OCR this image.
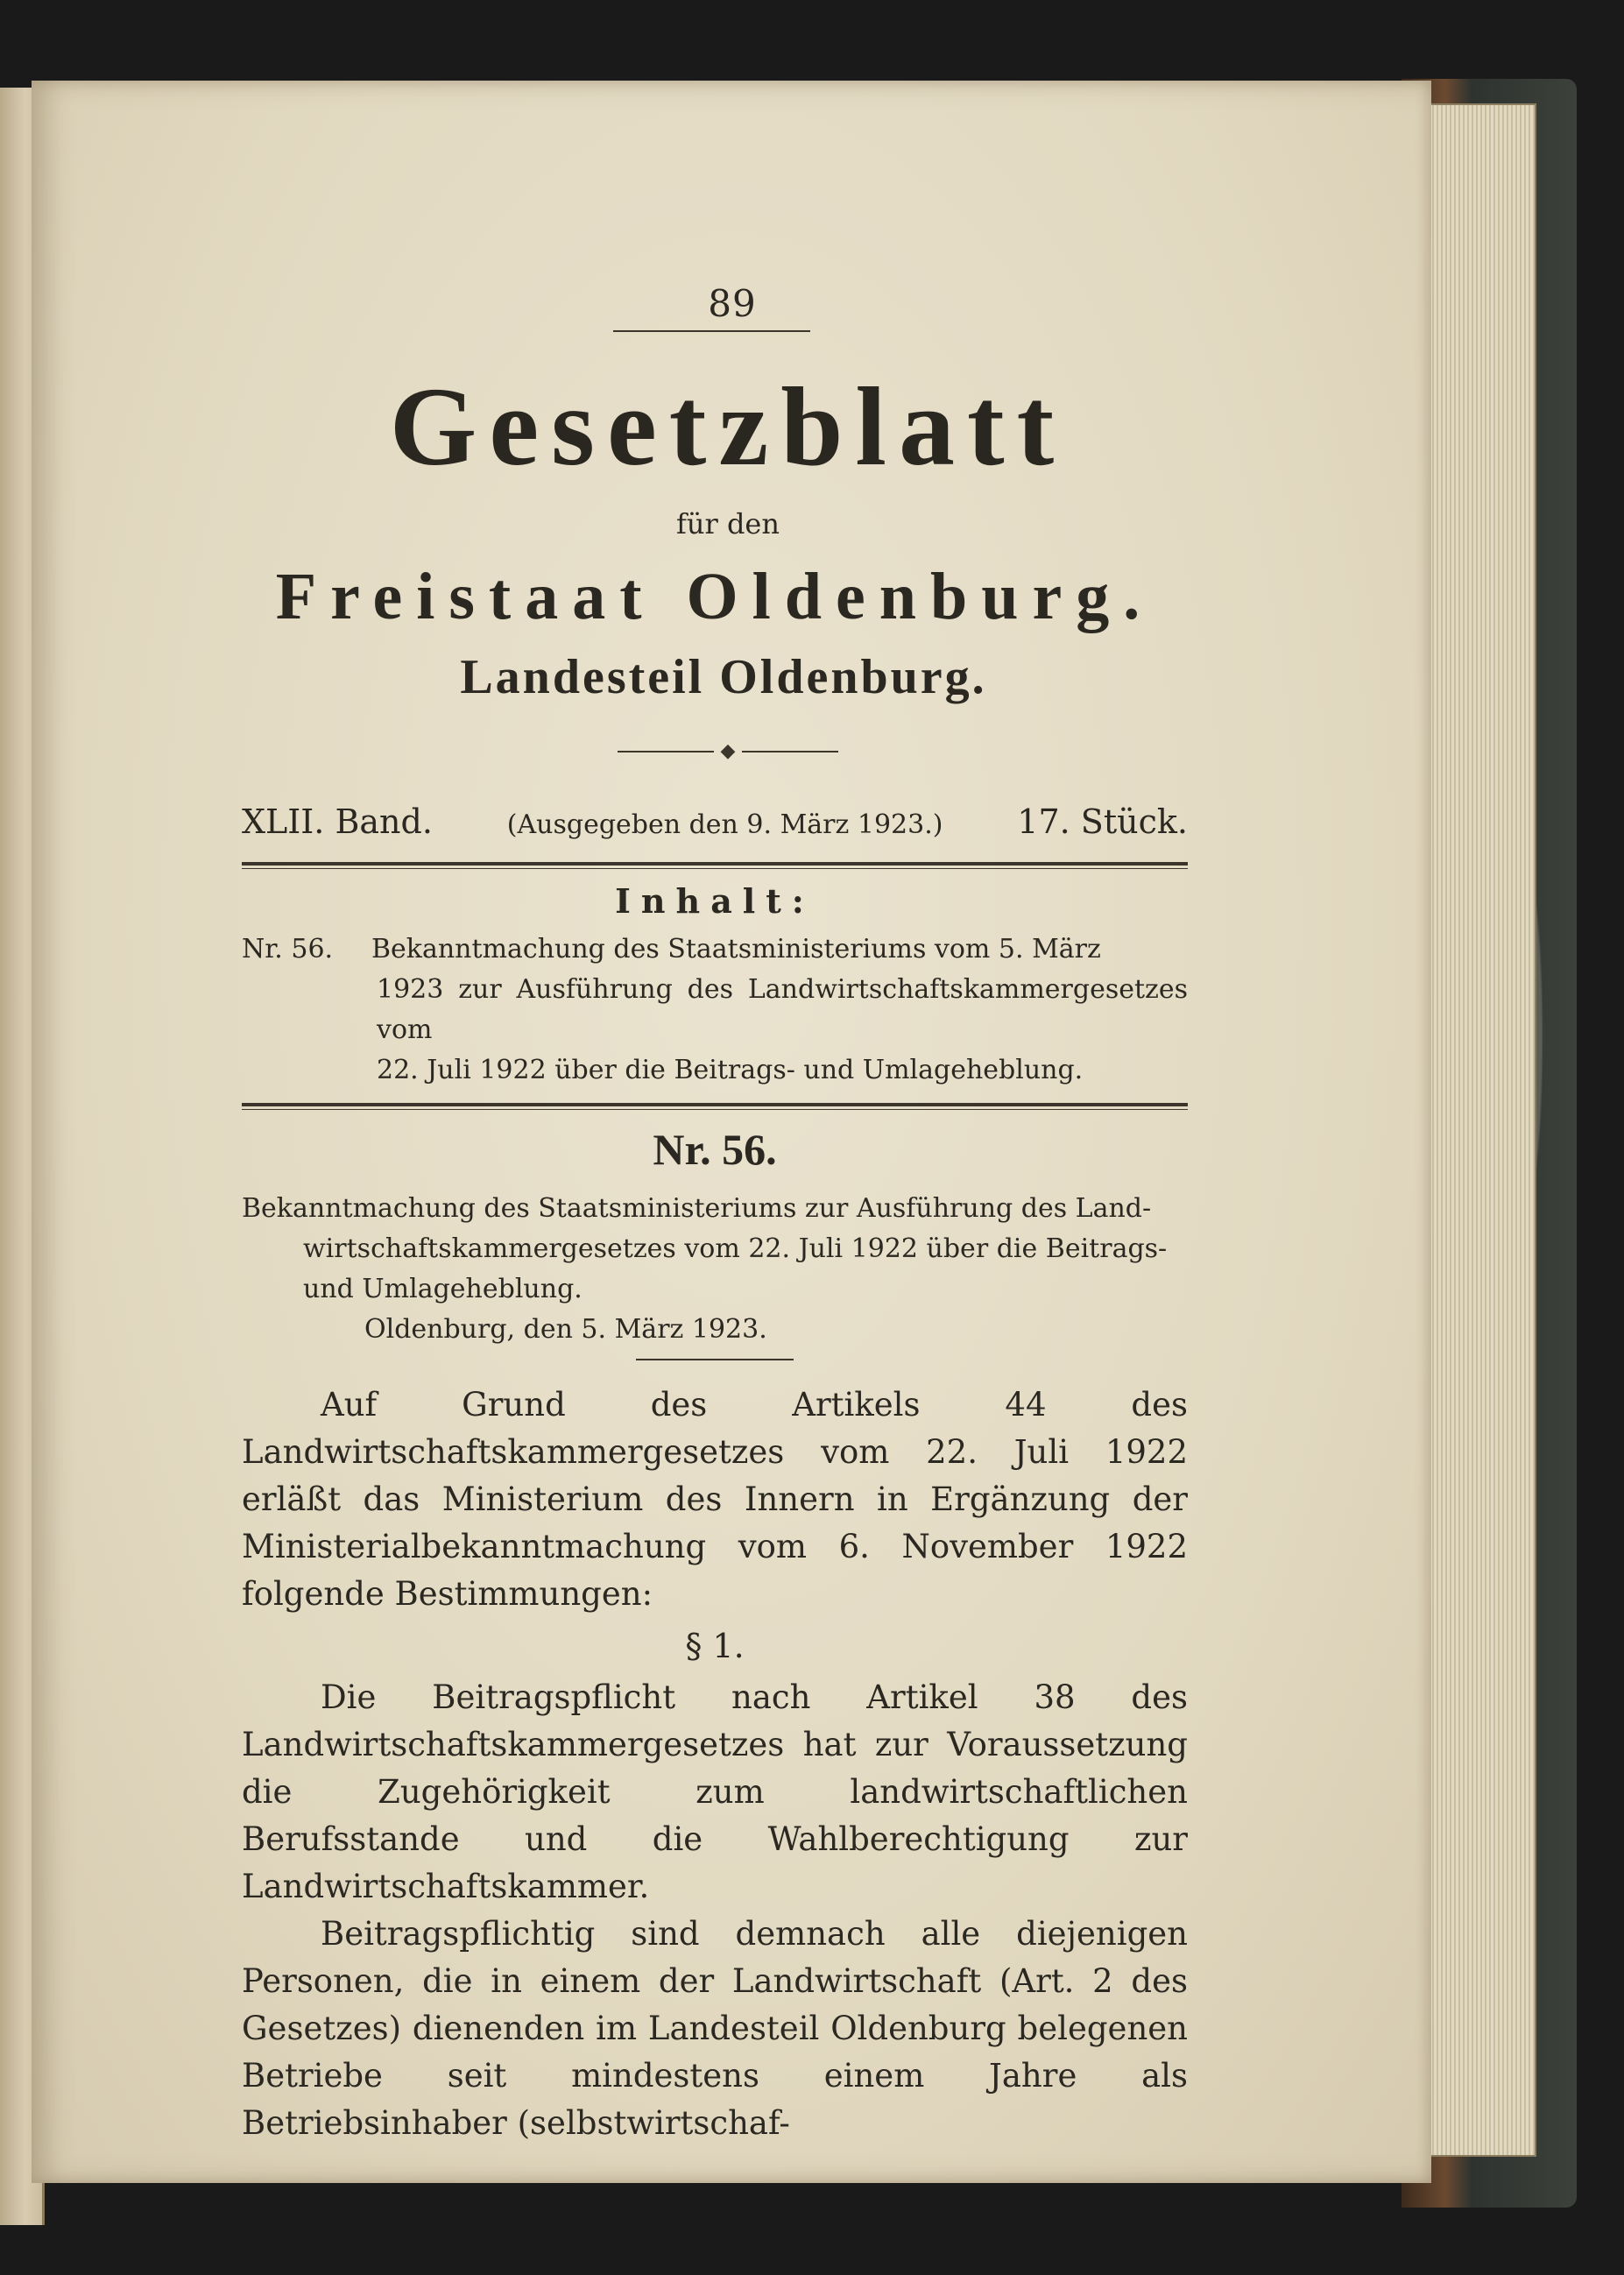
89
Gesetzblatt
für den
Freistaat Oldenburg.
Landesteil Oldenburg.
◆
XLII. Band.	(Ausgegeben den 9. März 1923.) 17. Stück.
Inhalt:
Nr. 56. Bekanntmachung des Staatsministeriums vom 5. März
1923 zur Ausführung des Landwirtschaftskammergesetzes vom
22. Juli 1922 über die Beitrags- und Umlageheblung.
Nr. 56.
Bekanntmachung des Staatsministeriums zur Ausführung des Land-
wirtschaftskammergesetzes vom 22. Juli 1922 über die Beitrags-
und Umlageheblung.
Oldenburg, den 5. März 1923.

Auf Grund des Artikels 44 des Landwirtschaftskammergesetzes vom 22. Juli 1922 erläßt das Ministerium des Innern in Ergänzung der Ministerialbekanntmachung vom 6. November 1922 folgende Bestimmungen:

§ 1.

Die Beitragspflicht nach Artikel 38 des Landwirtschaftskammergesetzes hat zur Voraussetzung die Zugehörigkeit zum landwirtschaftlichen Berufsstande und die Wahlberechtigung zur Landwirtschaftskammer.

Beitragspflichtig sind demnach alle diejenigen Personen, die in einem der Landwirtschaft (Art. 2 des Gesetzes) dienenden im Landesteil Oldenburg belegenen Betriebe seit mindestens einem Jahre als Betriebsinhaber (selbstwirtschaf-
